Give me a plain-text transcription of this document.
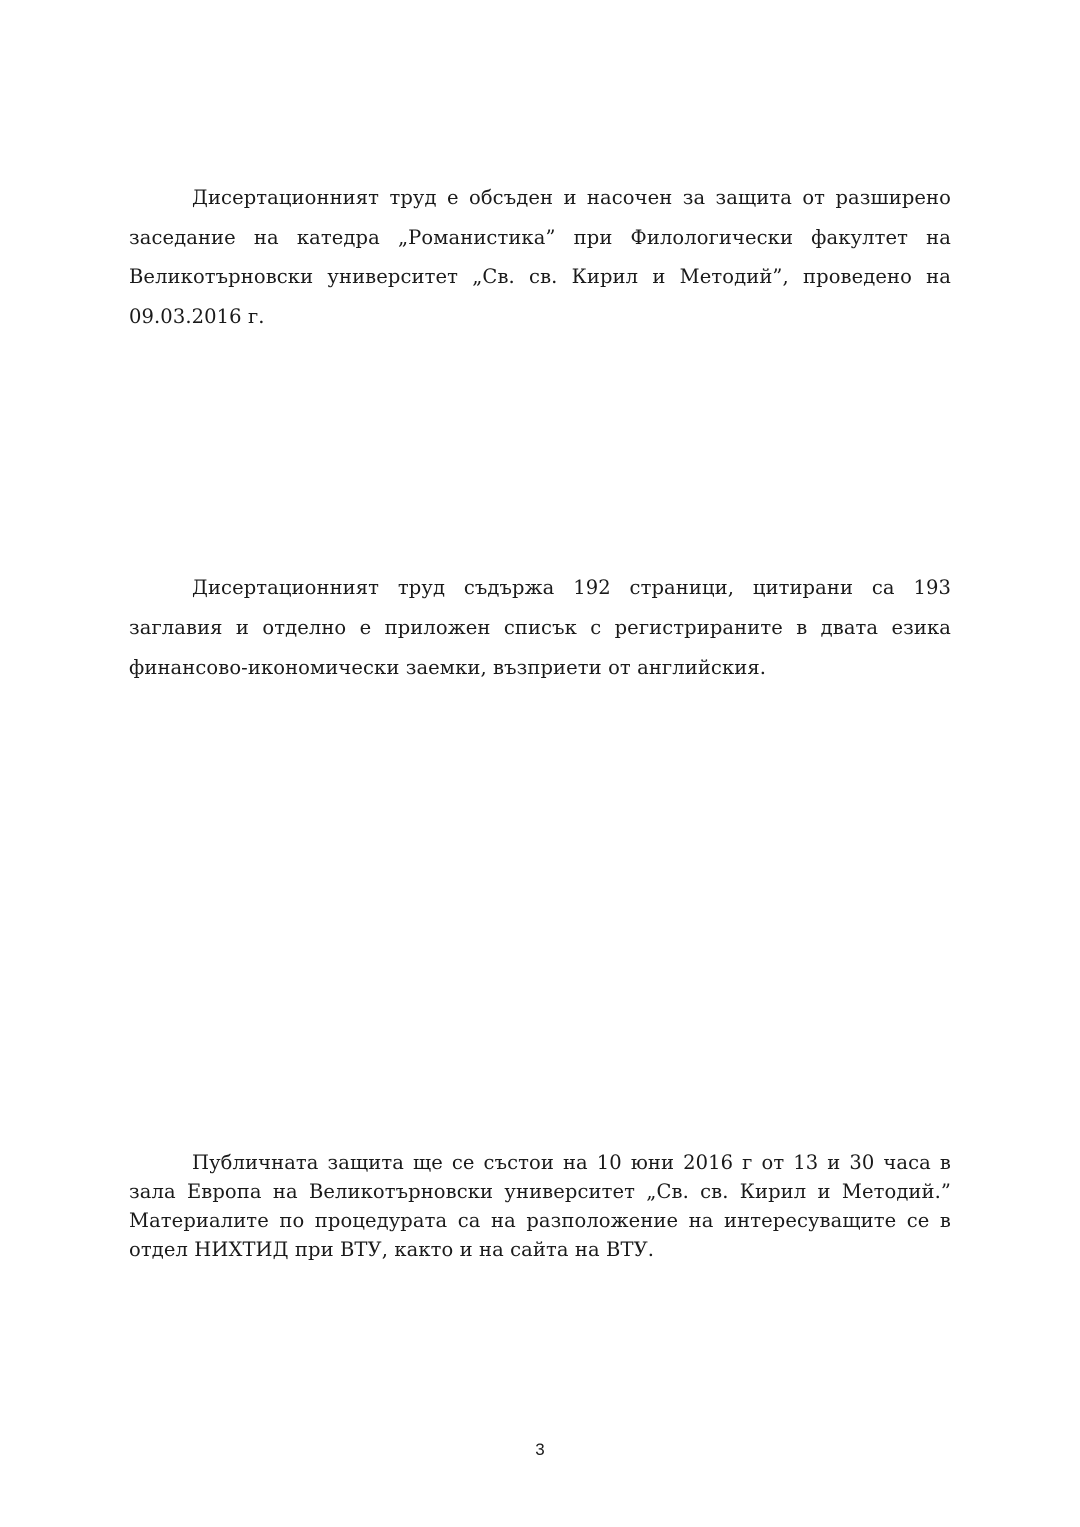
Дисертационният труд е обсъден и насочен за защита от разширено заседание на катедра „Романистика” при Филологически факултет на Великотърновски университет „Св. св. Кирил и Методий”, проведено на 09.03.2016 г.

Дисертационният труд съдържа 192 страници, цитирани са 193 заглавия и отделно е приложен списък с регистрираните в двата езика финансово-икономически заемки, възприети от английския.

Публичната защита ще се състои на 10 юни 2016 г от 13 и 30 часа в зала Европа на Великотърновски университет „Св. св. Кирил и Методий.” Материалите по процедурата са на разположение на интересуващите се в отдел НИХТИД при ВТУ, както и на сайта на ВТУ.

3
